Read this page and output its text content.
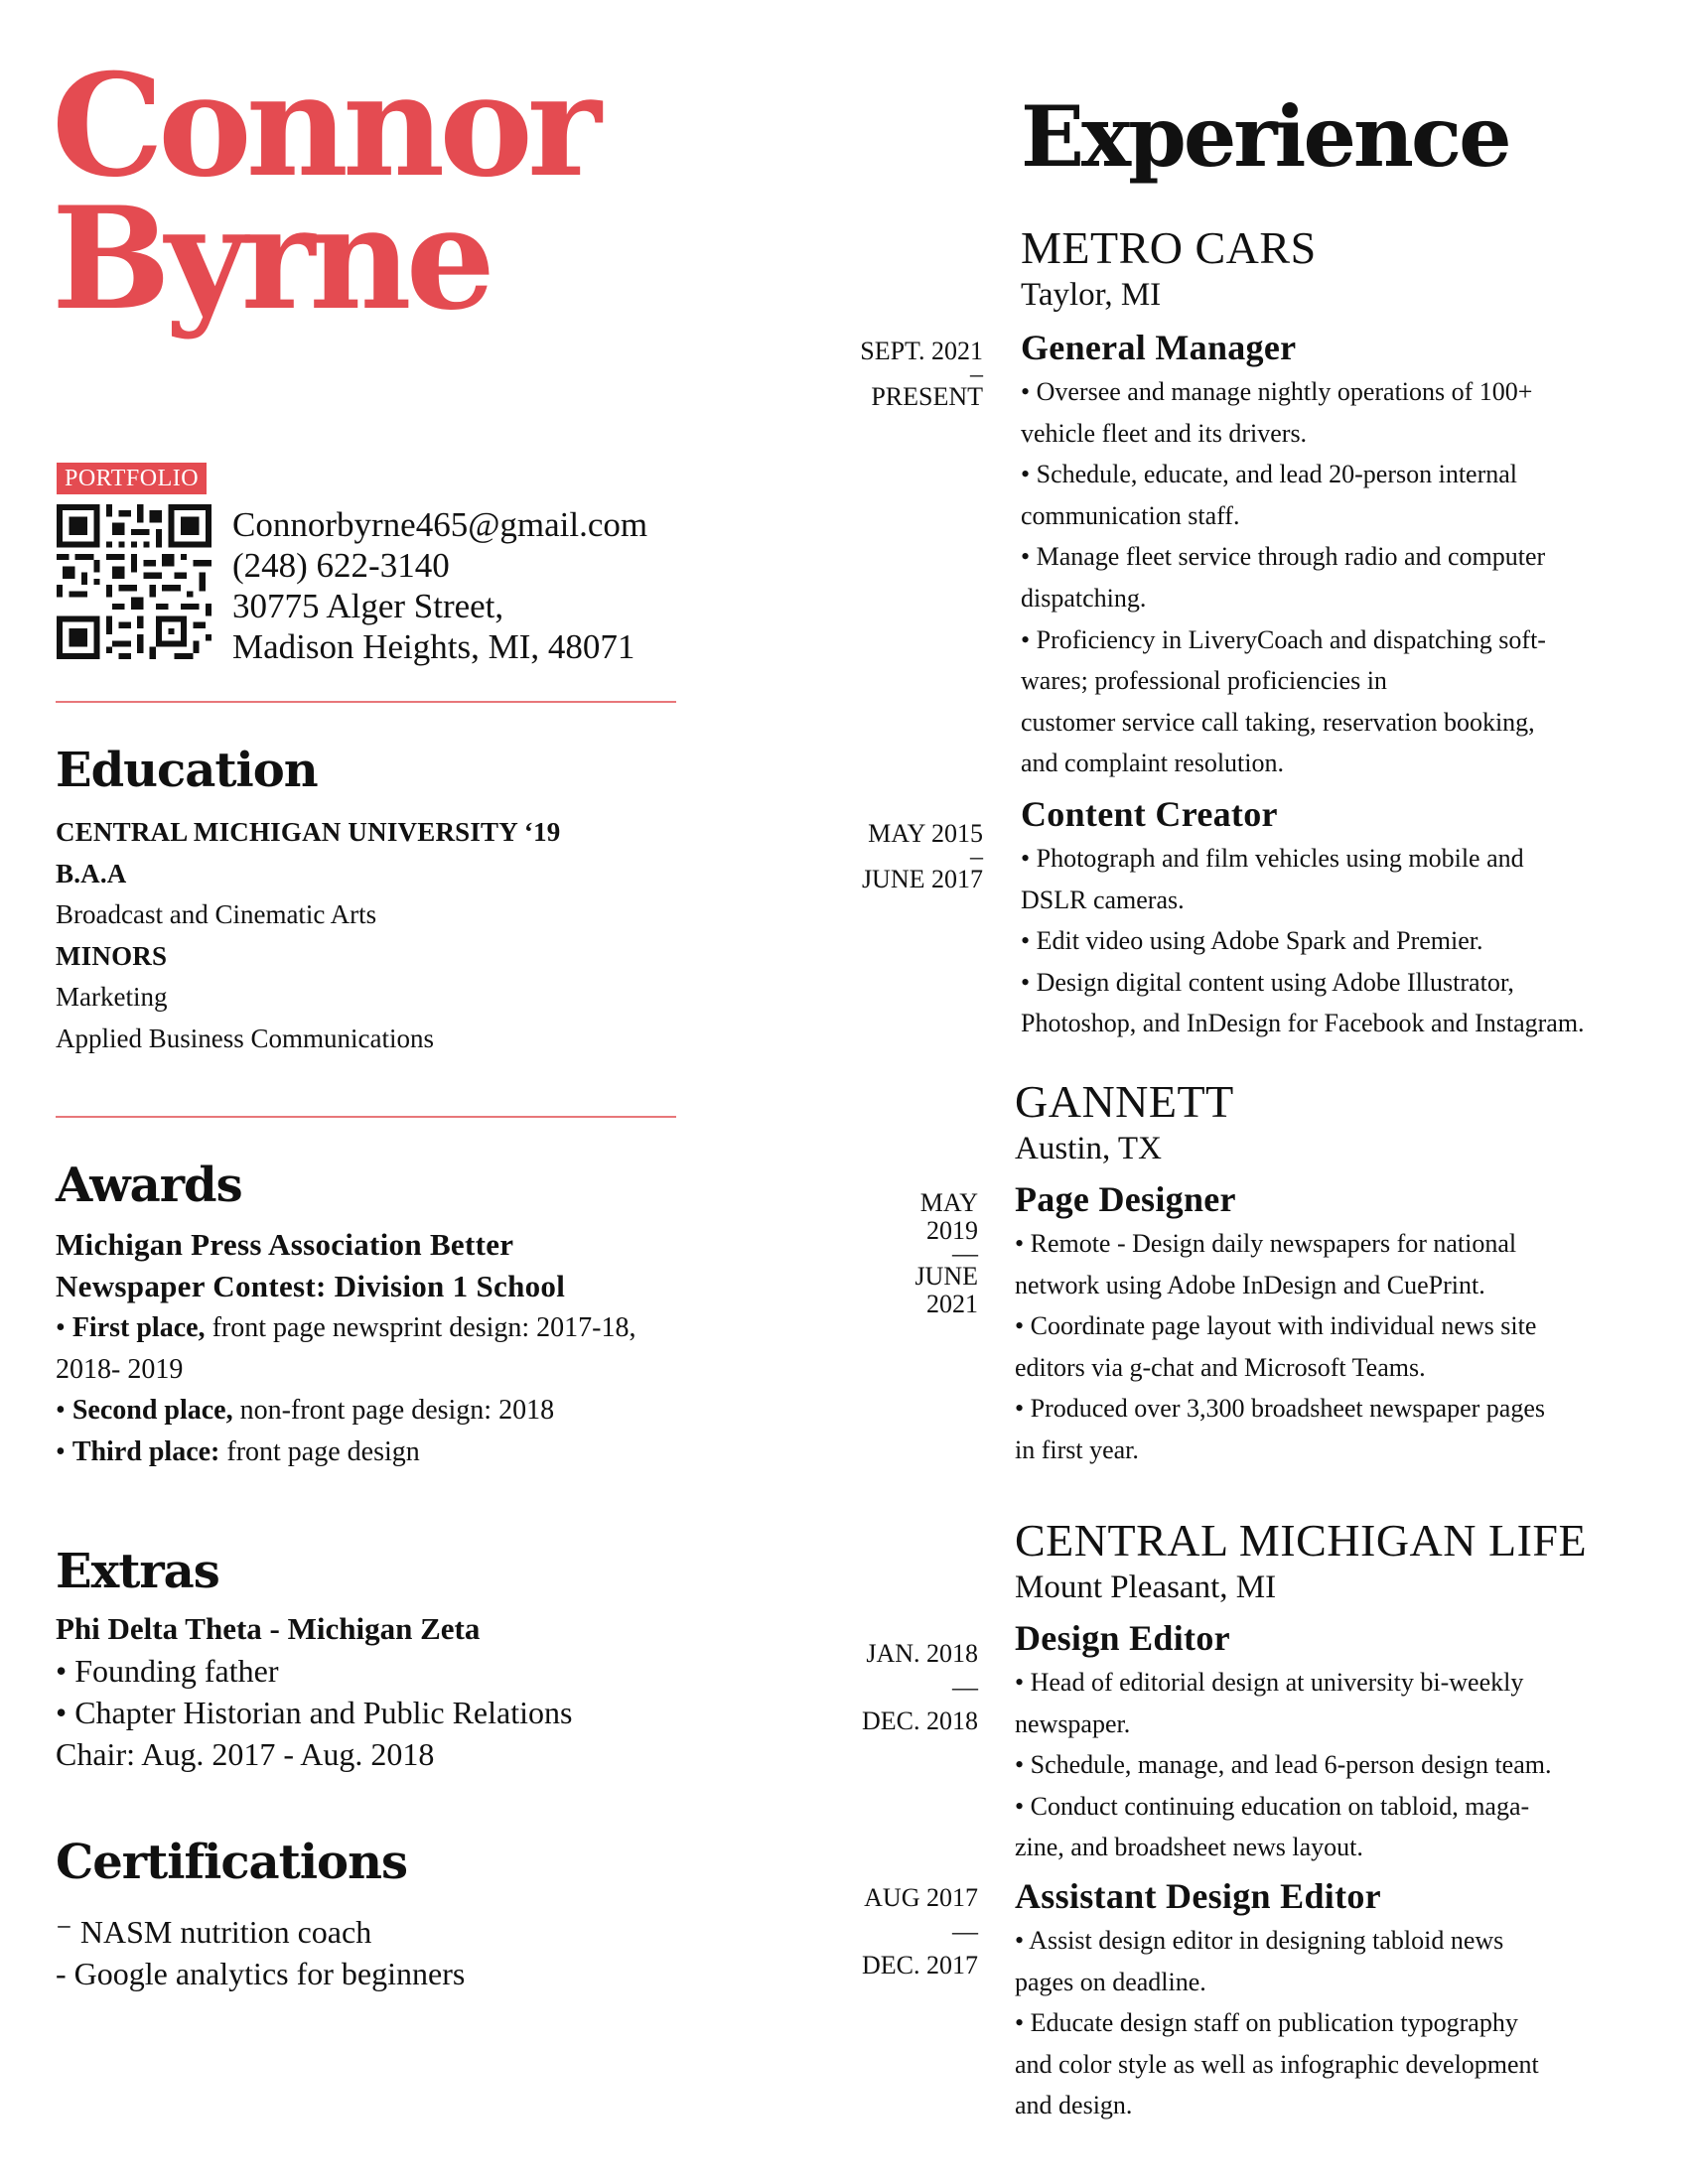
Connor
Byrne
PORTFOLIO
Connorbyrne465@gmail.com
(248) 622-3140
30775 Alger Street,
Madison Heights, MI, 48071
Education
CENTRAL MICHIGAN UNIVERSITY ‘19
B.A.A
Broadcast and Cinematic Arts
MINORS
Marketing
Applied Business Communications
Awards
Michigan Press Association Better
Newspaper Contest: Division 1 School
• First place, front page newsprint design: 2017-18,
2018- 2019
• Second place, non-front page design: 2018
• Third place: front page design
Extras
Phi Delta Theta - Michigan Zeta
• Founding father
• Chapter Historian and Public Relations
Chair: Aug. 2017 - Aug. 2018
Certifications
⁻ NASM nutrition coach
- Google analytics for beginners
Experience
METRO CARS
Taylor, MI
SEPT. 2021
–
PRESENT
General Manager
• Oversee and manage nightly operations of 100+
vehicle fleet and its drivers.
• Schedule, educate, and lead 20-person internal
communication staff.
• Manage fleet service through radio and computer
dispatching.
• Proficiency in LiveryCoach and dispatching soft-
wares; professional proficiencies in
customer service call taking, reservation booking,
and complaint resolution.
MAY 2015
–
JUNE 2017
Content Creator
• Photograph and film vehicles using mobile and
DSLR cameras.
• Edit video using Adobe Spark and Premier.
• Design digital content using Adobe Illustrator,
Photoshop, and InDesign for Facebook and Instagram.
GANNETT
Austin, TX
MAY
2019
—
JUNE
2021
Page Designer
• Remote - Design daily newspapers for national
network using Adobe InDesign and CuePrint.
• Coordinate page layout with individual news site
editors via g-chat and Microsoft Teams.
• Produced over 3,300 broadsheet newspaper pages
in first year.
CENTRAL MICHIGAN LIFE
Mount Pleasant, MI
JAN. 2018
—
DEC. 2018
Design Editor
• Head of editorial design at university bi-weekly
newspaper.
• Schedule, manage, and lead 6-person design team.
• Conduct continuing education on tabloid, maga-
zine, and broadsheet news layout.
AUG 2017
—
DEC. 2017
Assistant Design Editor
• Assist design editor in designing tabloid news
pages on deadline.
• Educate design staff on publication typography
and color style as well as infographic development
and design.
